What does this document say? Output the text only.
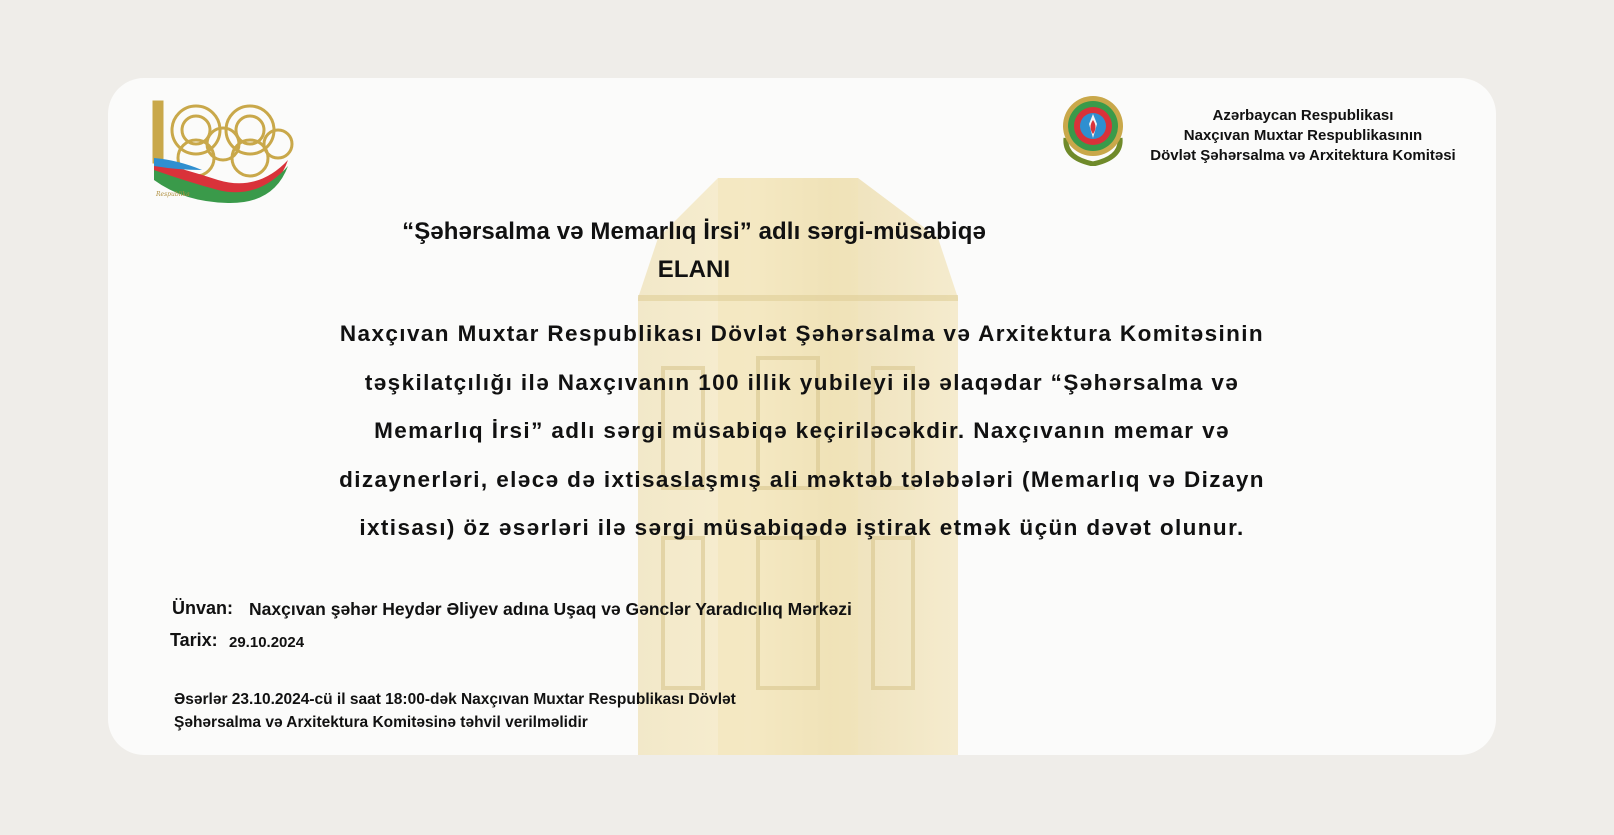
Respublika
Azərbaycan Respublikası
Naxçıvan Muxtar Respublikasının
Dövlət Şəhərsalma və Arxitektura Komitəsi
“Şəhərsalma və Memarlıq İrsi” adlı sərgi-müsabiqə
ELANI
Naxçıvan Muxtar Respublikası Dövlət Şəhərsalma və Arxitektura Komitəsinin
təşkilatçılığı ilə Naxçıvanın 100 illik yubileyi ilə əlaqədar “Şəhərsalma və
Memarlıq İrsi” adlı sərgi müsabiqə keçiriləcəkdir. Naxçıvanın memar və
dizaynerləri, eləcə də ixtisaslaşmış ali məktəb tələbələri (Memarlıq və Dizayn
ixtisası) öz əsərləri ilə sərgi müsabiqədə iştirak etmək üçün dəvət olunur.
Ünvan: Naxçıvan şəhər Heydər Əliyev adına Uşaq və Gənclər Yaradıcılıq Mərkəzi
Tarix: 29.10.2024
Əsərlər 23.10.2024-cü il saat 18:00-dək Naxçıvan Muxtar Respublikası Dövlət
Şəhərsalma və Arxitektura Komitəsinə təhvil verilməlidir
